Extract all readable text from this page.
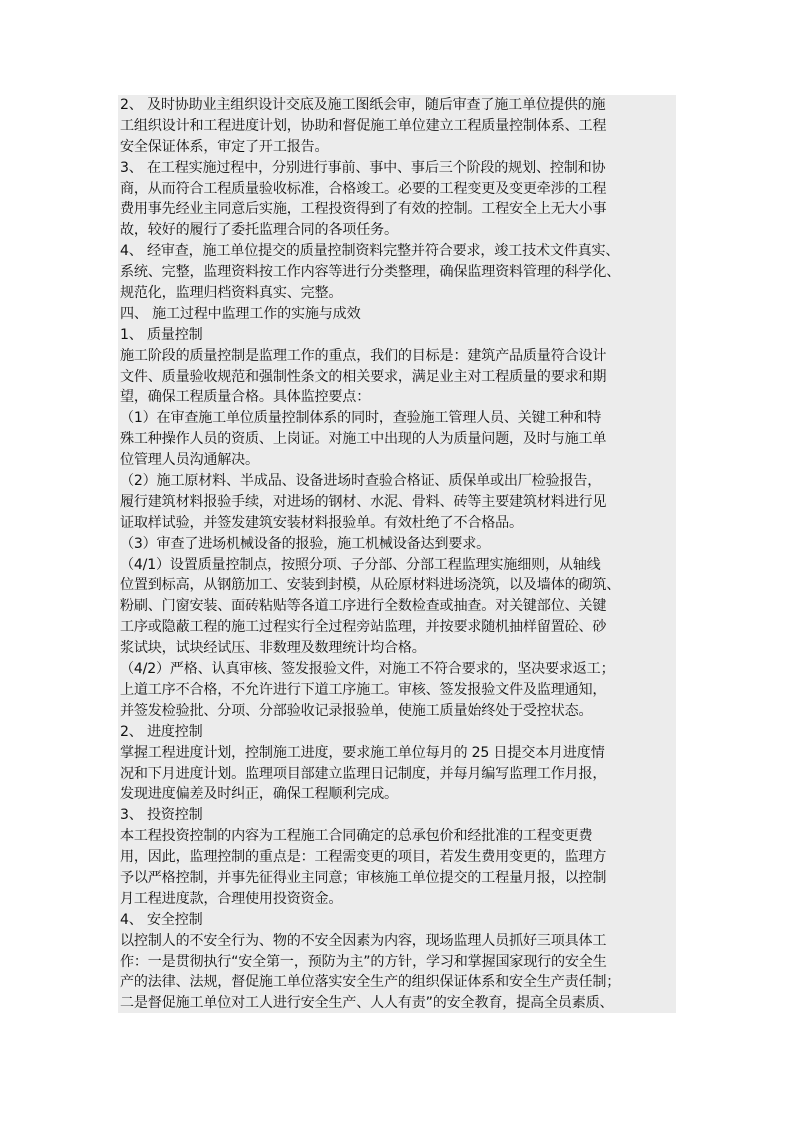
2、 及时协助业主组织设计交底及施工图纸会审，随后审查了施工单位提供的施
工组织设计和工程进度计划，协助和督促施工单位建立工程质量控制体系、工程
安全保证体系，审定了开工报告。
3、 在工程实施过程中，分别进行事前、事中、事后三个阶段的规划、控制和协
商，从而符合工程质量验收标准，合格竣工。必要的工程变更及变更牵涉的工程
费用事先经业主同意后实施，工程投资得到了有效的控制。工程安全上无大小事
故，较好的履行了委托监理合同的各项任务。
4、 经审查，施工单位提交的质量控制资料完整并符合要求，竣工技术文件真实、
系统、完整，监理资料按工作内容等进行分类整理，确保监理资料管理的科学化、
规范化，监理归档资料真实、完整。
四、 施工过程中监理工作的实施与成效
1、 质量控制
施工阶段的质量控制是监理工作的重点，我们的目标是：建筑产品质量符合设计
文件、质量验收规范和强制性条文的相关要求，满足业主对工程质量的要求和期
望，确保工程质量合格。具体监控要点：
（1）在审查施工单位质量控制体系的同时，查验施工管理人员、关键工种和特
殊工种操作人员的资质、上岗证。对施工中出现的人为质量问题，及时与施工单
位管理人员沟通解决。
（2）施工原材料、半成品、设备进场时查验合格证、质保单或出厂检验报告，
履行建筑材料报验手续，对进场的钢材、水泥、骨料、砖等主要建筑材料进行见
证取样试验，并签发建筑安装材料报验单。有效杜绝了不合格品。
（3）审查了进场机械设备的报验，施工机械设备达到要求。
（4/1）设置质量控制点，按照分项、子分部、分部工程监理实施细则，从轴线
位置到标高，从钢筋加工、安装到封模，从砼原材料进场浇筑，以及墙体的砌筑、
粉刷、门窗安装、面砖粘贴等各道工序进行全数检查或抽查。对关键部位、关键
工序或隐蔽工程的施工过程实行全过程旁站监理，并按要求随机抽样留置砼、砂
浆试块，试块经试压、非数理及数理统计均合格。
（4/2）严格、认真审核、签发报验文件，对施工不符合要求的，坚决要求返工；
上道工序不合格，不允许进行下道工序施工。审核、签发报验文件及监理通知，
并签发检验批、分项、分部验收记录报验单，使施工质量始终处于受控状态。
2、 进度控制
掌握工程进度计划，控制施工进度，要求施工单位每月的 25 日提交本月进度情
况和下月进度计划。监理项目部建立监理日记制度，并每月编写监理工作月报，
发现进度偏差及时纠正，确保工程顺利完成。
3、 投资控制
本工程投资控制的内容为工程施工合同确定的总承包价和经批准的工程变更费
用，因此，监理控制的重点是：工程需变更的项目，若发生费用变更的，监理方
予以严格控制，并事先征得业主同意；审核施工单位提交的工程量月报，以控制
月工程进度款，合理使用投资资金。
4、 安全控制
以控制人的不安全行为、物的不安全因素为内容，现场监理人员抓好三项具体工
作：一是贯彻执行“安全第一，预防为主”的方针，学习和掌握国家现行的安全生
产的法律、法规，督促施工单位落实安全生产的组织保证体系和安全生产责任制；
二是督促施工单位对工人进行安全生产、人人有责”的安全教育，提高全员素质、
